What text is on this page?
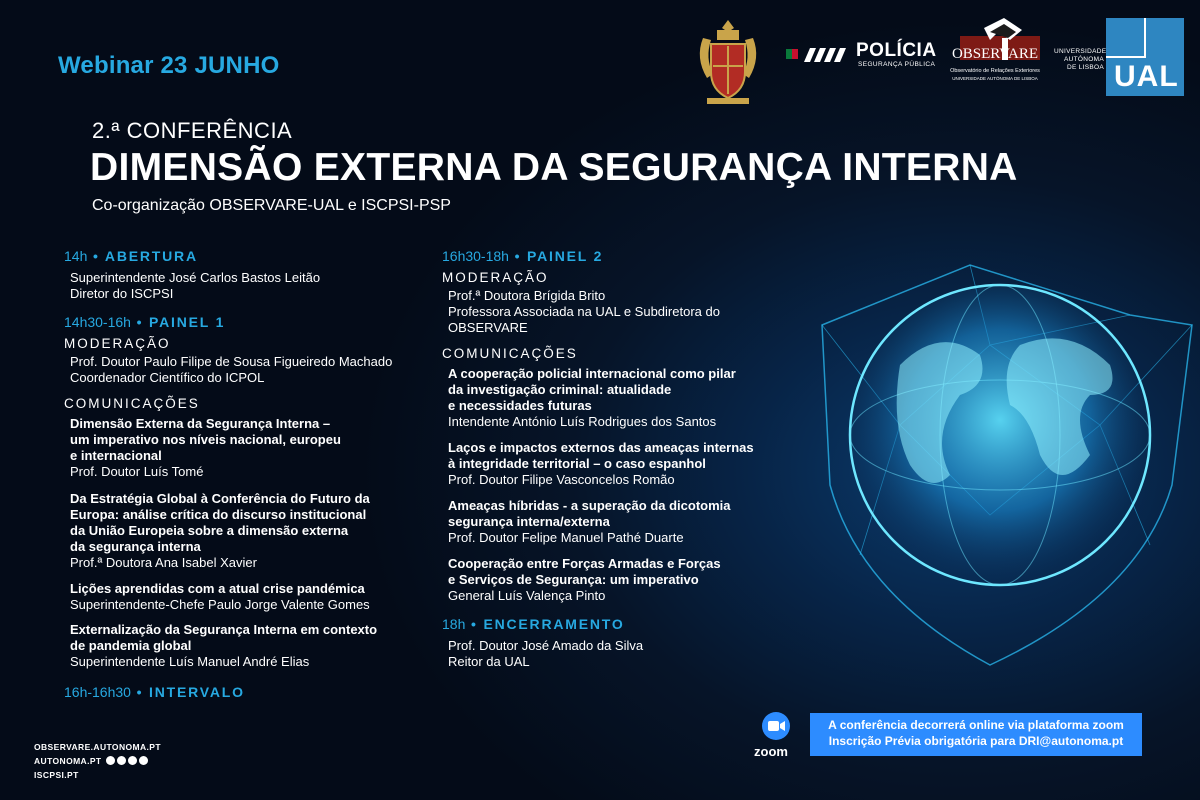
Webinar 23 JUNHO
2.ª CONFERÊNCIA
DIMENSÃO EXTERNA DA SEGURANÇA INTERNA
Co-organização OBSERVARE-UAL e ISCPSI-PSP
POLÍCIA
SEGURANÇA PÚBLICA
OBSERVARE
Observatório de Relações Exteriores
UNIVERSIDADE AUTÓNOMA DE LISBOA
UNIVERSIDADE
AUTÓNOMA
DE LISBOA UAL
14h • ABERTURA
Superintendente José Carlos Bastos Leitão
Diretor do ISCPSI
14h30-16h • PAINEL 1
MODERAÇÃO
Prof. Doutor Paulo Filipe de Sousa Figueiredo Machado
Coordenador Científico do ICPOL
COMUNICAÇÕES
Dimensão Externa da Segurança Interna –
um imperativo nos níveis nacional, europeu
e internacional
Prof. Doutor Luís Tomé
Da Estratégia Global à Conferência do Futuro da
Europa: análise crítica do discurso institucional
da União Europeia sobre a dimensão externa
da segurança interna
Prof.ª Doutora Ana Isabel Xavier
Lições aprendidas com a atual crise pandémica
Superintendente-Chefe Paulo Jorge Valente Gomes
Externalização da Segurança Interna em contexto
de pandemia global
Superintendente Luís Manuel André Elias
16h-16h30 • INTERVALO
16h30-18h • PAINEL 2
MODERAÇÃO
Prof.ª Doutora Brígida Brito
Professora Associada na UAL e Subdiretora do OBSERVARE
COMUNICAÇÕES
A cooperação policial internacional como pilar
da investigação criminal: atualidade
e necessidades futuras
Intendente António Luís Rodrigues dos Santos
Laços e impactos externos das ameaças internas
à integridade territorial – o caso espanhol
Prof. Doutor Filipe Vasconcelos Romão
Ameaças híbridas - a superação da dicotomia
segurança interna/externa
Prof. Doutor Felipe Manuel Pathé Duarte
Cooperação entre Forças Armadas e Forças
e Serviços de Segurança: um imperativo
General Luís Valença Pinto
18h • ENCERRAMENTO
Prof. Doutor José Amado da Silva
Reitor da UAL
OBSERVARE.AUTONOMA.PT
AUTONOMA.PT
ISCPSI.PT
zoom
A conferência decorrerá online via plataforma zoom
Inscrição Prévia obrigatória para DRI@autonoma.pt
